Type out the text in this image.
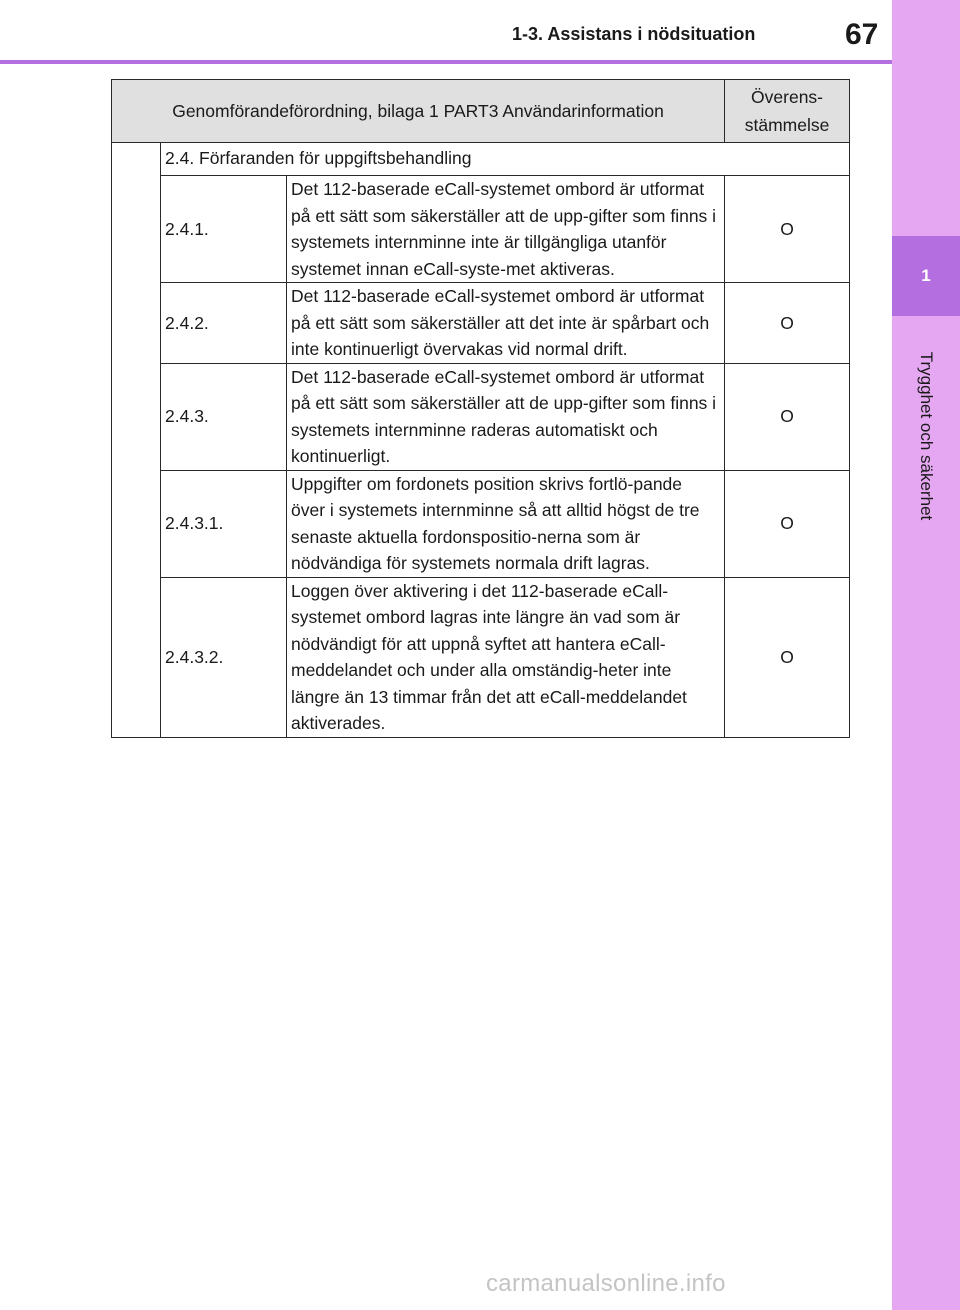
1
Trygghet och säkerhet
1-3. Assistans i nödsituation	67
Genomförandeförordning, bilaga 1 PART3 Användarinformation			Överens-
stämmelse
	2.4. Förfaranden för uppgiftsbehandling		
	2.4.1.	Det 112-baserade eCall-systemet ombord är utformat på ett sätt som säkerställer att de upp-gifter som finns i systemets internminne inte är tillgängliga utanför systemet innan eCall-syste-met aktiveras.	O
	2.4.2.	Det 112-baserade eCall-systemet ombord är utformat på ett sätt som säkerställer att det inte är spårbart och inte kontinuerligt övervakas vid normal drift.	O
	2.4.3.	Det 112-baserade eCall-systemet ombord är utformat på ett sätt som säkerställer att de upp-gifter som finns i systemets internminne raderas automatiskt och kontinuerligt.	O
	2.4.3.1.	Uppgifter om fordonets position skrivs fortlö-pande över i systemets internminne så att alltid högst de tre senaste aktuella fordonspositio-nerna som är nödvändiga för systemets normala drift lagras.	O
	2.4.3.2.	Loggen över aktivering i det 112-baserade eCall-systemet ombord lagras inte längre än vad som är nödvändigt för att uppnå syftet att hantera eCall-meddelandet och under alla omständig-heter inte längre än 13 timmar från det att eCall-meddelandet aktiverades.	O
carmanualsonline.info
